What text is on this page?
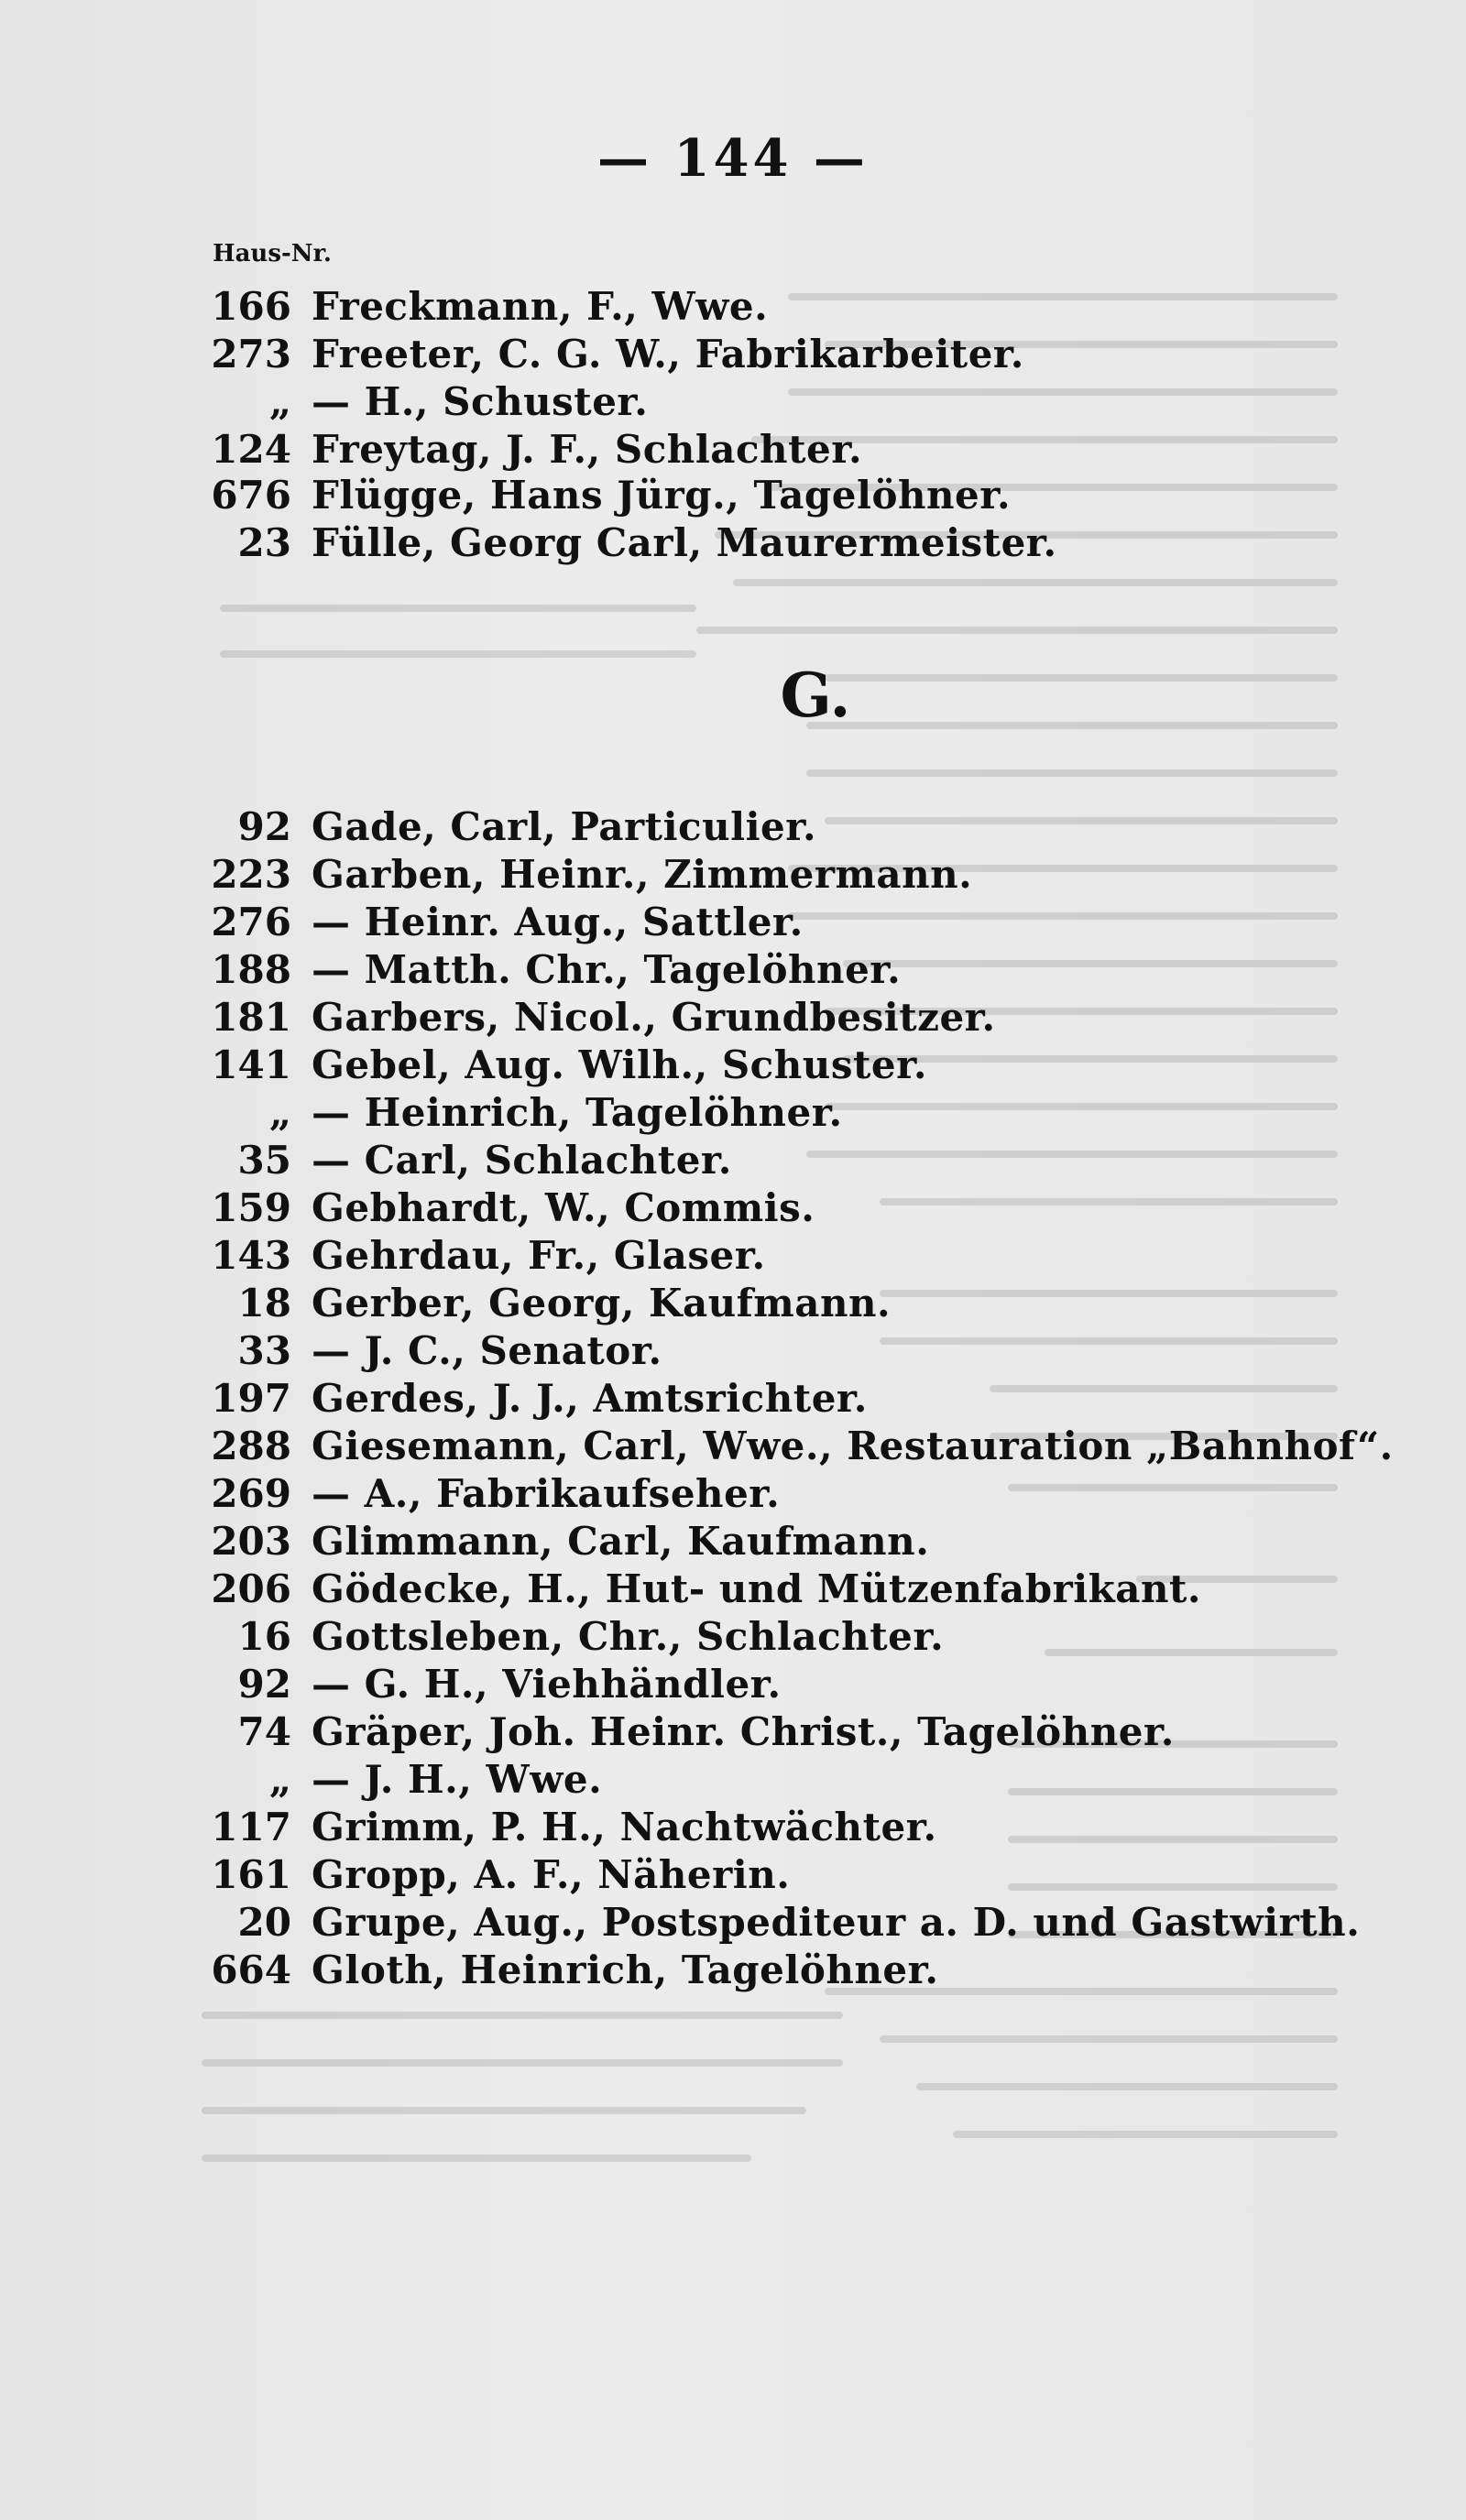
— 144 —
Haus-Nr.
166 Freckmann, F., Wwe.
273 Freeter, C. G. W., Fabrikarbeiter.
„ — H., Schuster.
124 Freytag, J. F., Schlachter.
676 Flügge, Hans Jürg., Tagelöhner.
23 Fülle, Georg Carl, Maurermeister.
G.
92 Gade, Carl, Particulier.
223 Garben, Heinr., Zimmermann.
276 — Heinr. Aug., Sattler.
188 — Matth. Chr., Tagelöhner.
181 Garbers, Nicol., Grundbesitzer.
141 Gebel, Aug. Wilh., Schuster.
„ — Heinrich, Tagelöhner.
35 — Carl, Schlachter.
159 Gebhardt, W., Commis.
143 Gehrdau, Fr., Glaser.
18 Gerber, Georg, Kaufmann.
33 — J. C., Senator.
197 Gerdes, J. J., Amtsrichter.
288 Giesemann, Carl, Wwe., Restauration „Bahnhof“.
269 — A., Fabrikaufseher.
203 Glimmann, Carl, Kaufmann.
206 Gödecke, H., Hut- und Mützenfabrikant.
16 Gottsleben, Chr., Schlachter.
92 — G. H., Viehhändler.
74 Gräper, Joh. Heinr. Christ., Tagelöhner.
„ — J. H., Wwe.
117 Grimm, P. H., Nachtwächter.
161 Gropp, A. F., Näherin.
20 Grupe, Aug., Postspediteur a. D. und Gastwirth.
664 Gloth, Heinrich, Tagelöhner.
